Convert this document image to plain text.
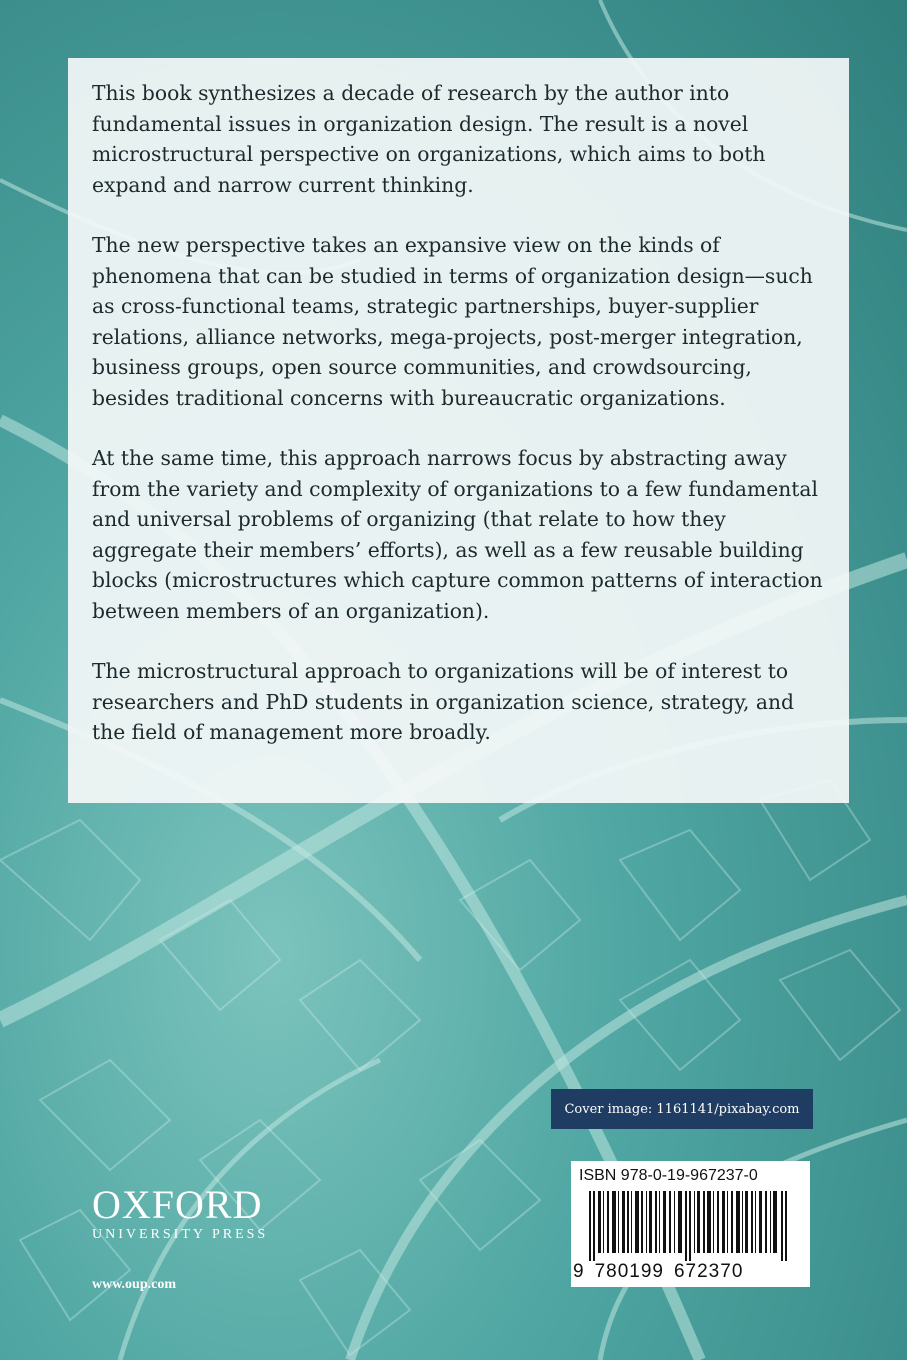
This book synthesizes a decade of research by the author into fundamental issues in organization design. The result is a novel microstructural perspective on organizations, which aims to both expand and narrow current thinking.

The new perspective takes an expansive view on the kinds of phenomena that can be studied in terms of organization design—such as cross-functional teams, strategic partnerships, buyer-supplier relations, alliance networks, mega-projects, post-merger integration, business groups, open source communities, and crowdsourcing, besides traditional concerns with bureaucratic organizations.

At the same time, this approach narrows focus by abstracting away from the variety and complexity of organizations to a few fundamental and universal problems of organizing (that relate to how they aggregate their members’ efforts), as well as a few reusable building blocks (microstructures which capture common patterns of interaction between members of an organization).

The microstructural approach to organizations will be of interest to researchers and PhD students in organization science, strategy, and the field of management more broadly.

Cover image: 1161141/pixabay.com
OXFORD
UNIVERSITY PRESS
www.oup.com
ISBN 978-0-19-967237-0
9 780199 672370
